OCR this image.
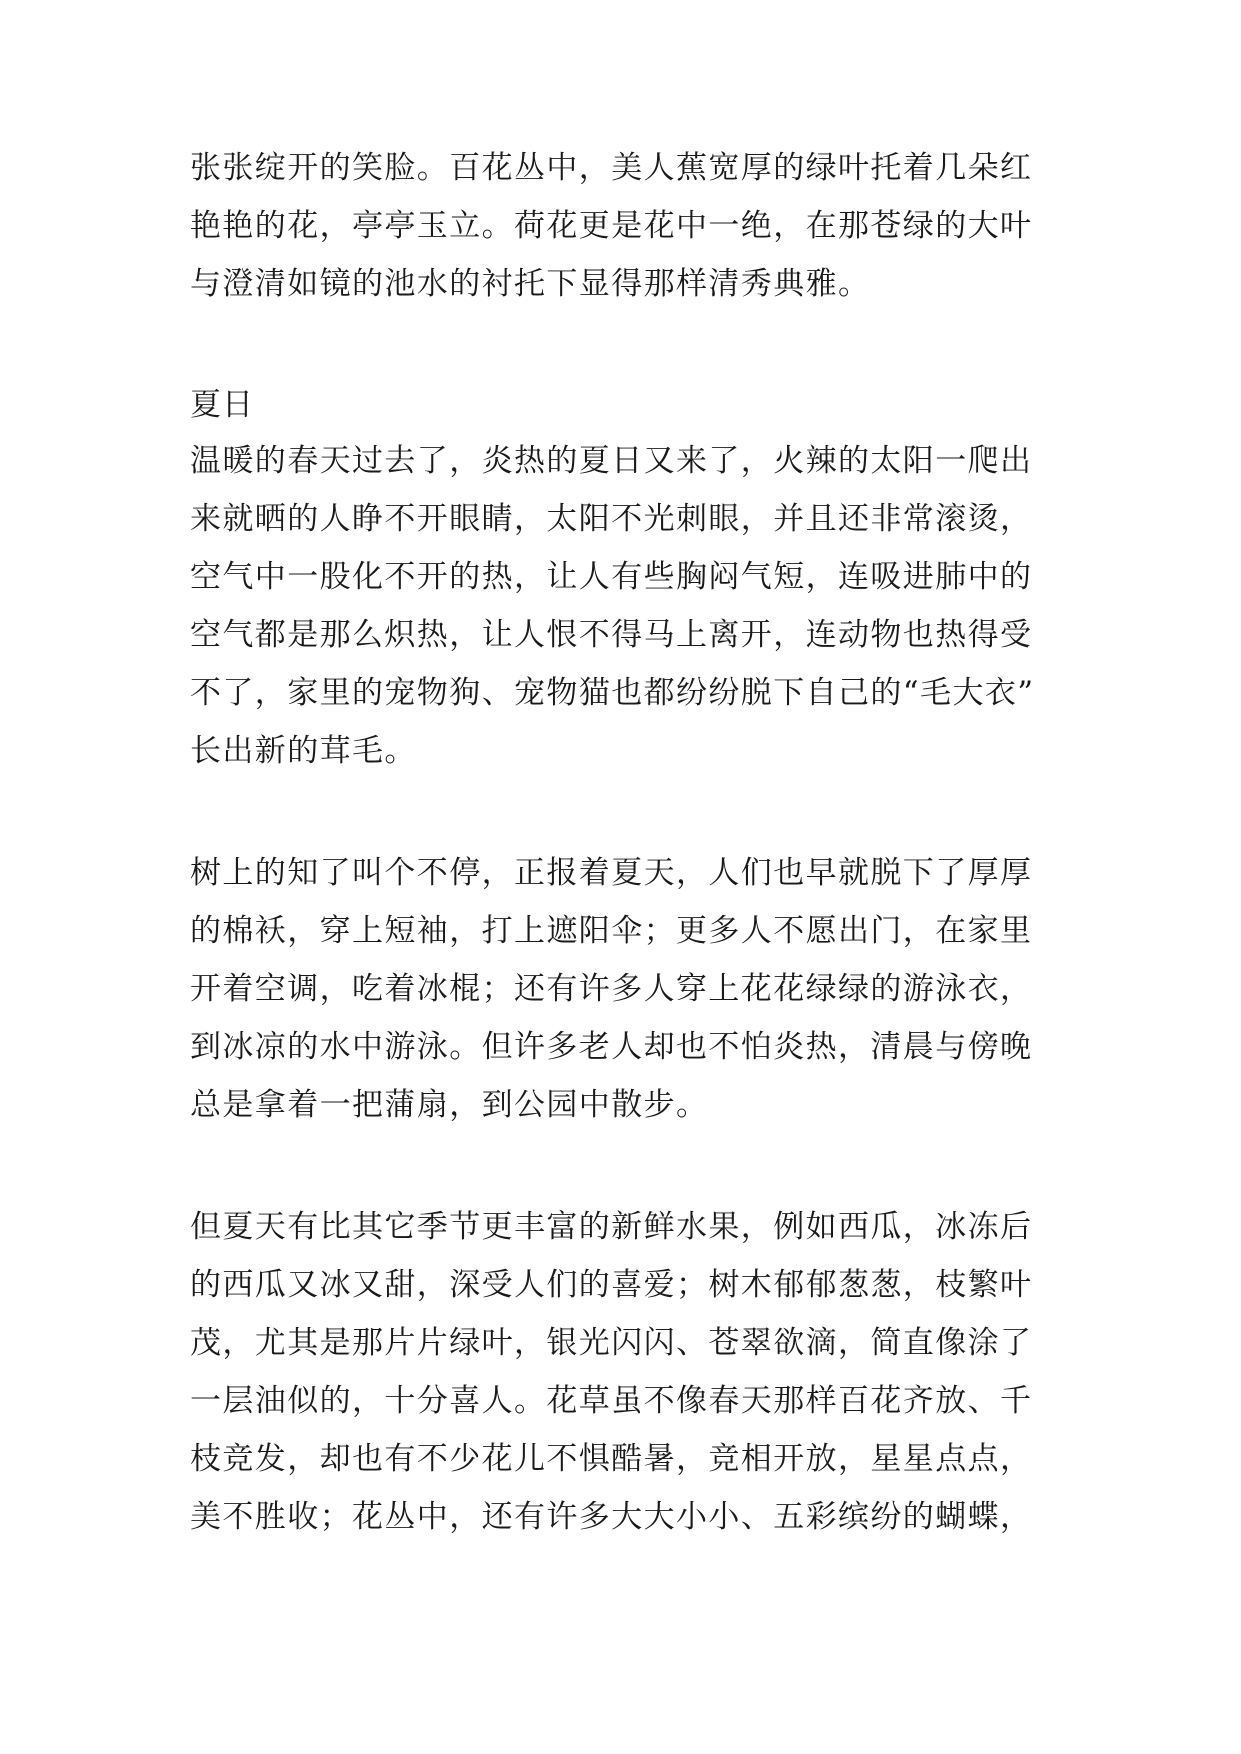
张张绽开的笑脸。百花丛中，美人蕉宽厚的绿叶托着几朵红
艳艳的花，亭亭玉立。荷花更是花中一绝，在那苍绿的大叶
与澄清如镜的池水的衬托下显得那样清秀典雅。
夏日
温暖的春天过去了，炎热的夏日又来了，火辣的太阳一爬出
来就晒的人睁不开眼睛，太阳不光刺眼，并且还非常滚烫，
空气中一股化不开的热，让人有些胸闷气短，连吸进肺中的
空气都是那么炽热，让人恨不得马上离开，连动物也热得受
不了，家里的宠物狗、宠物猫也都纷纷脱下自己的“毛大衣”
长出新的茸毛。
树上的知了叫个不停，正报着夏天，人们也早就脱下了厚厚
的棉袄，穿上短袖，打上遮阳伞；更多人不愿出门，在家里
开着空调，吃着冰棍；还有许多人穿上花花绿绿的游泳衣，
到冰凉的水中游泳。但许多老人却也不怕炎热，清晨与傍晚
总是拿着一把蒲扇，到公园中散步。
但夏天有比其它季节更丰富的新鲜水果，例如西瓜，冰冻后
的西瓜又冰又甜，深受人们的喜爱；树木郁郁葱葱，枝繁叶
茂，尤其是那片片绿叶，银光闪闪、苍翠欲滴，简直像涂了
一层油似的，十分喜人。花草虽不像春天那样百花齐放、千
枝竞发，却也有不少花儿不惧酷暑，竞相开放，星星点点，
美不胜收；花丛中，还有许多大大小小、五彩缤纷的蝴蝶，
